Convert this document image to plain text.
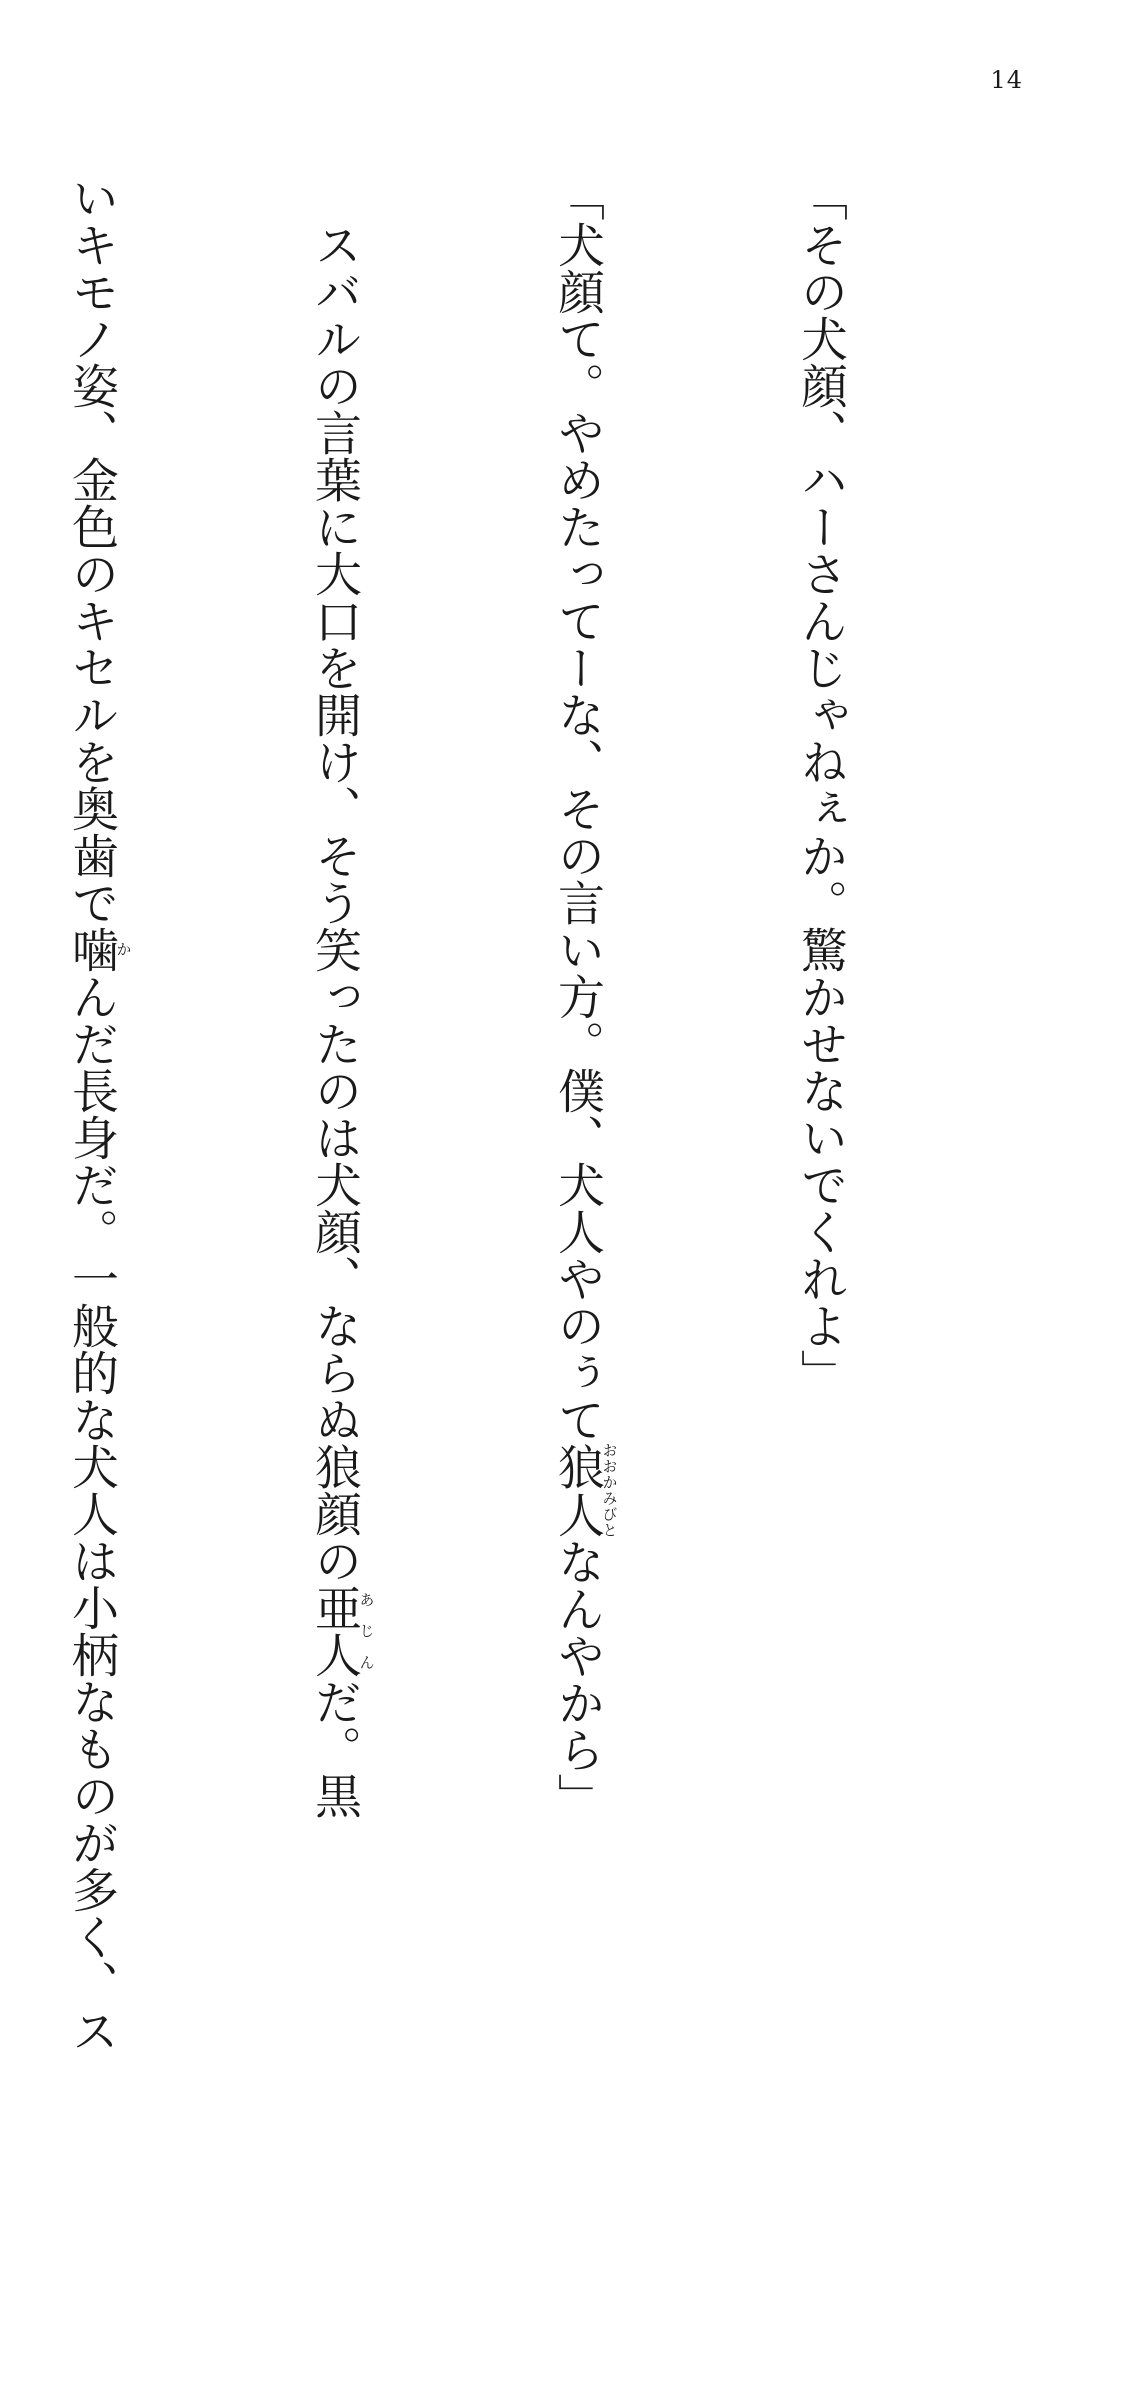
14

「その犬顔、ハーさんじゃねぇか。驚かせないでくれよ」

「犬顔て。やめたってーな、その言い方。僕、犬人やのぅて狼人おおかみびとなんやから」

　スバルの言葉に大口を開け、そう笑ったのは犬顔、ならぬ狼顔の亜人あじんだ。黒

いキモノ姿、金色のキセルを奥歯で噛かんだ長身だ。一般的な犬人は小柄なものが多く、ス
